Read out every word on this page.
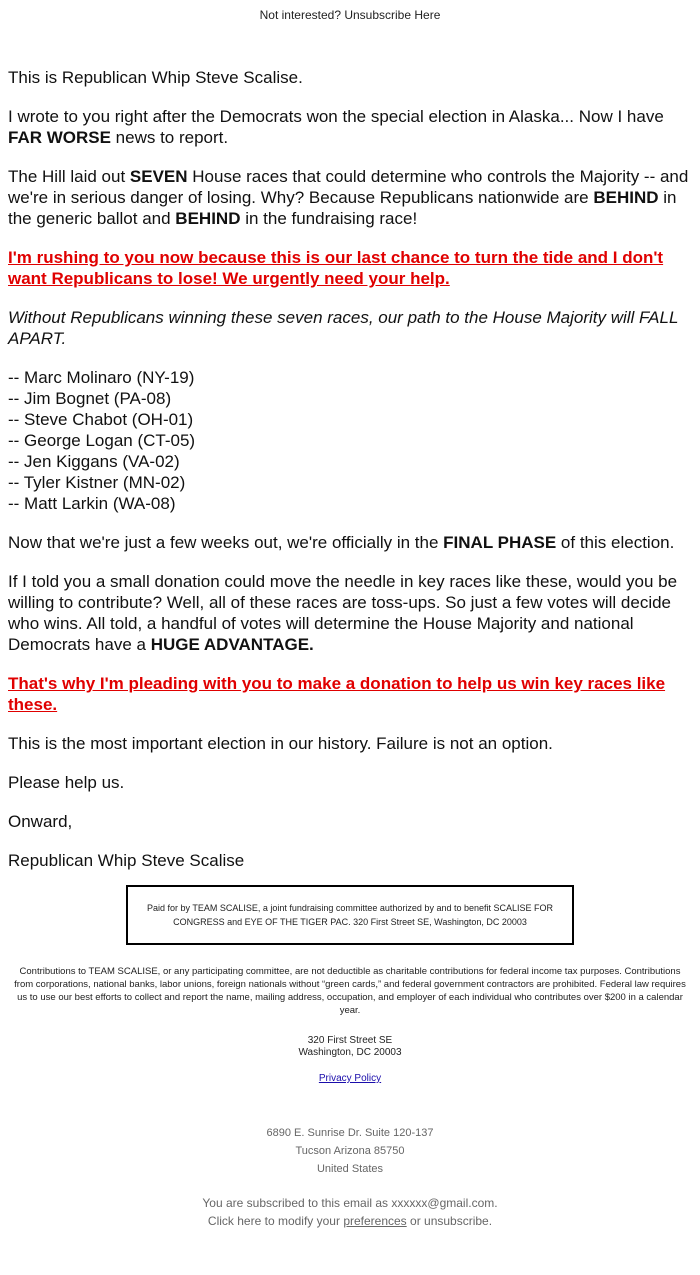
Not interested? Unsubscribe Here

This is Republican Whip Steve Scalise.

I wrote to you right after the Democrats won the special election in Alaska... Now I have FAR WORSE news to report.

The Hill laid out SEVEN House races that could determine who controls the Majority -- and we're in serious danger of losing. Why? Because Republicans nationwide are BEHIND in the generic ballot and BEHIND in the fundraising race!

I'm rushing to you now because this is our last chance to turn the tide and I don't want Republicans to lose! We urgently need your help.

Without Republicans winning these seven races, our path to the House Majority will FALL APART.

-- Marc Molinaro (NY-19)
-- Jim Bognet (PA-08)
-- Steve Chabot (OH-01)
-- George Logan (CT-05)
-- Jen Kiggans (VA-02)
-- Tyler Kistner (MN-02)
-- Matt Larkin (WA-08)

Now that we're just a few weeks out, we're officially in the FINAL PHASE of this election.

If I told you a small donation could move the needle in key races like these, would you be willing to contribute? Well, all of these races are toss-ups. So just a few votes will decide who wins. All told, a handful of votes will determine the House Majority and national Democrats have a HUGE ADVANTAGE.

That's why I'm pleading with you to make a donation to help us win key races like these.

This is the most important election in our history. Failure is not an option.

Please help us.

Onward,

Republican Whip Steve Scalise

Paid for by TEAM SCALISE, a joint fundraising committee authorized by and to benefit SCALISE FOR CONGRESS and EYE OF THE TIGER PAC. 320 First Street SE, Washington, DC 20003
Contributions to TEAM SCALISE, or any participating committee, are not deductible as charitable contributions for federal income tax purposes. Contributions from corporations, national banks, labor unions, foreign nationals without “green cards,” and federal government contractors are prohibited. Federal law requires us to use our best efforts to collect and report the name, mailing address, occupation, and employer of each individual who contributes over $200 in a calendar year.
320 First Street SE
Washington, DC 20003
Privacy Policy
6890 E. Sunrise Dr. Suite 120-137
Tucson Arizona 85750
United States
You are subscribed to this email as xxxxxx@gmail.com.
Click here to modify your preferences or unsubscribe.
